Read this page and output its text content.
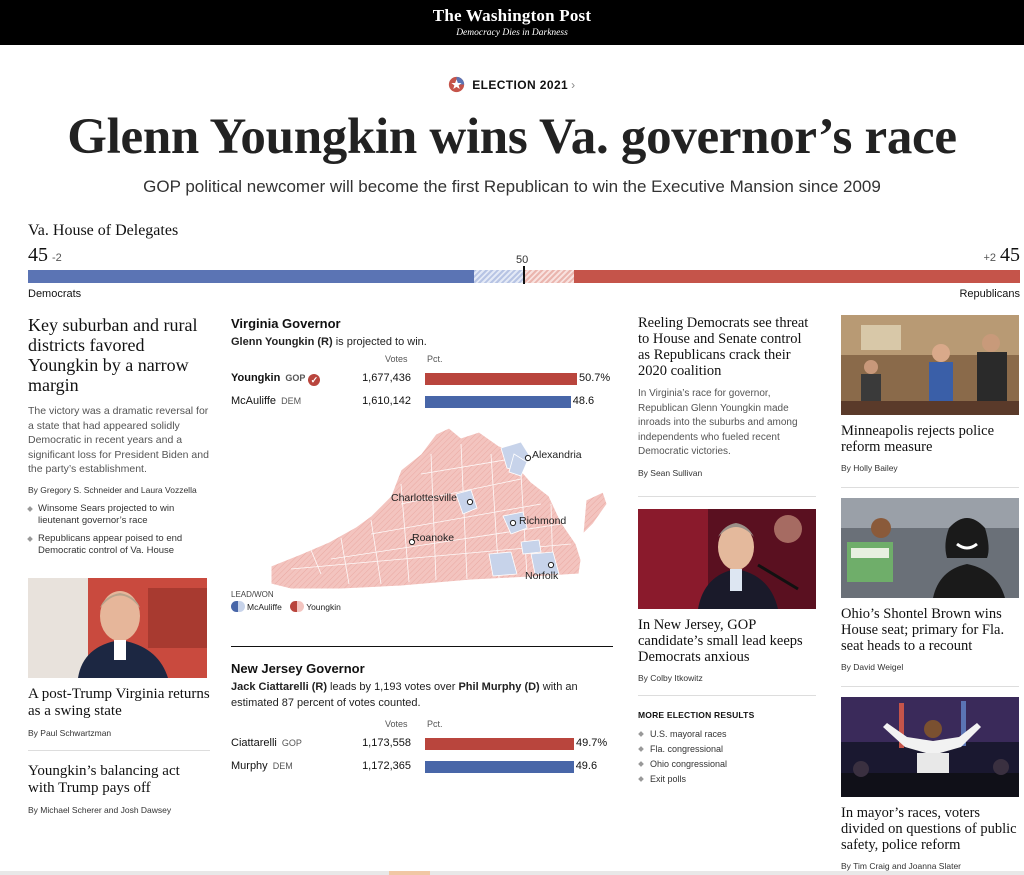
The Washington Post
Democracy Dies in Darkness
ELECTION 2021 ›
Glenn Youngkin wins Va. governor’s race
GOP political newcomer will become the first Republican to win the Executive Mansion since 2009
Va. House of Delegates
45 -2	+2 45
50
Democrats	Republicans
Key suburban and rural districts favored Youngkin by a narrow margin
The victory was a dramatic reversal for a state that had appeared solidly Democratic in recent years and a significant loss for President Biden and the party’s establishment.
By Gregory S. Schneider and Laura Vozzella
Winsome Sears projected to win lieutenant governor’s race
Republicans appear poised to end Democratic control of Va. House
A post-Trump Virginia returns as a swing state
By Paul Schwartzman
Youngkin’s balancing act with Trump pays off
By Michael Scherer and Josh Dawsey
Virginia Governor
Glenn Youngkin (R) is projected to win.
Votes Pct.
Youngkin GOP ✓	1,677,436	50.7%
McAuliffe DEM	1,610,142	48.6
Alexandria
Charlottesville
Richmond
Roanoke
Norfolk
LEAD/WON
McAuliffe	Youngkin
New Jersey Governor
Jack Ciattarelli (R) leads by 1,193 votes over Phil Murphy (D) with an estimated 87 percent of votes counted.
Votes Pct.
Ciattarelli GOP	1,173,558	49.7%
Murphy DEM	1,172,365	49.6
Reeling Democrats see threat to House and Senate control as Republicans crack their 2020 coalition
In Virginia’s race for governor, Republican Glenn Youngkin made inroads into the suburbs and among independents who fueled recent Democratic victories.
By Sean Sullivan
In New Jersey, GOP candidate’s small lead keeps Democrats anxious
By Colby Itkowitz
MORE ELECTION RESULTS
U.S. mayoral races
Fla. congressional
Ohio congressional
Exit polls
Minneapolis rejects police reform measure
By Holly Bailey
Ohio’s Shontel Brown wins House seat; primary for Fla. seat heads to a recount
By David Weigel
In mayor’s races, voters divided on questions of public safety, police reform
By Tim Craig and Joanna Slater
